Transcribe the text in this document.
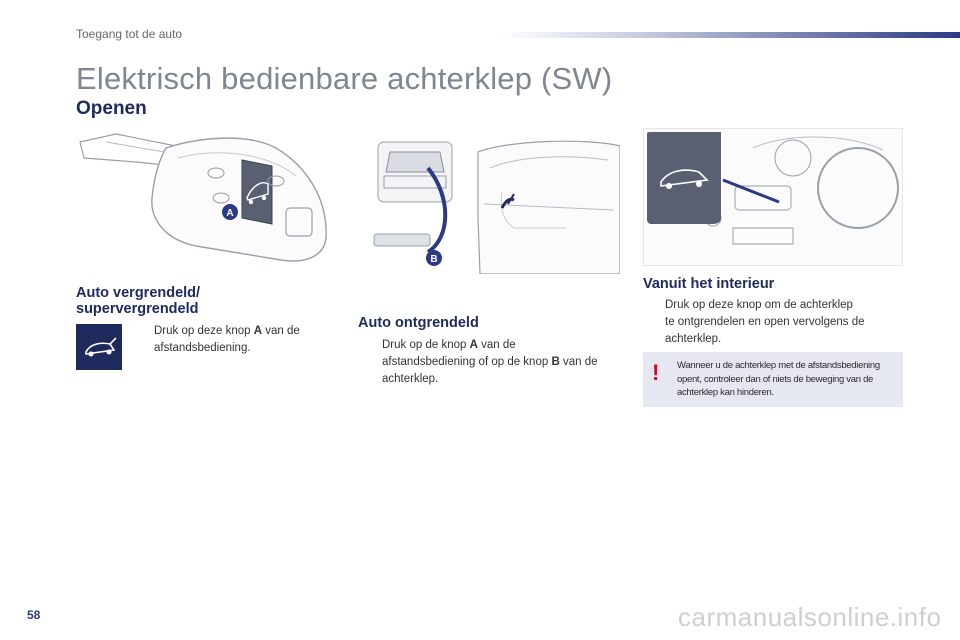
Toegang tot de auto
Elektrisch bedienbare achterklep (SW)
Openen
A
B
Auto vergrendeld/
supervergrendeld
Druk op deze knop A van de
afstandsbediening.
Auto ontgrendeld
Druk op de knop A van de
afstandsbediening of op de knop B van de
achterklep.
Vanuit het interieur
Druk op deze knop om de achterklep
te ontgrendelen en open vervolgens de
achterklep.
! Wanneer u de achterklep met de afstandsbediening
opent, controleer dan of niets de beweging van de
achterklep kan hinderen.
58	carmanualsonline.info
